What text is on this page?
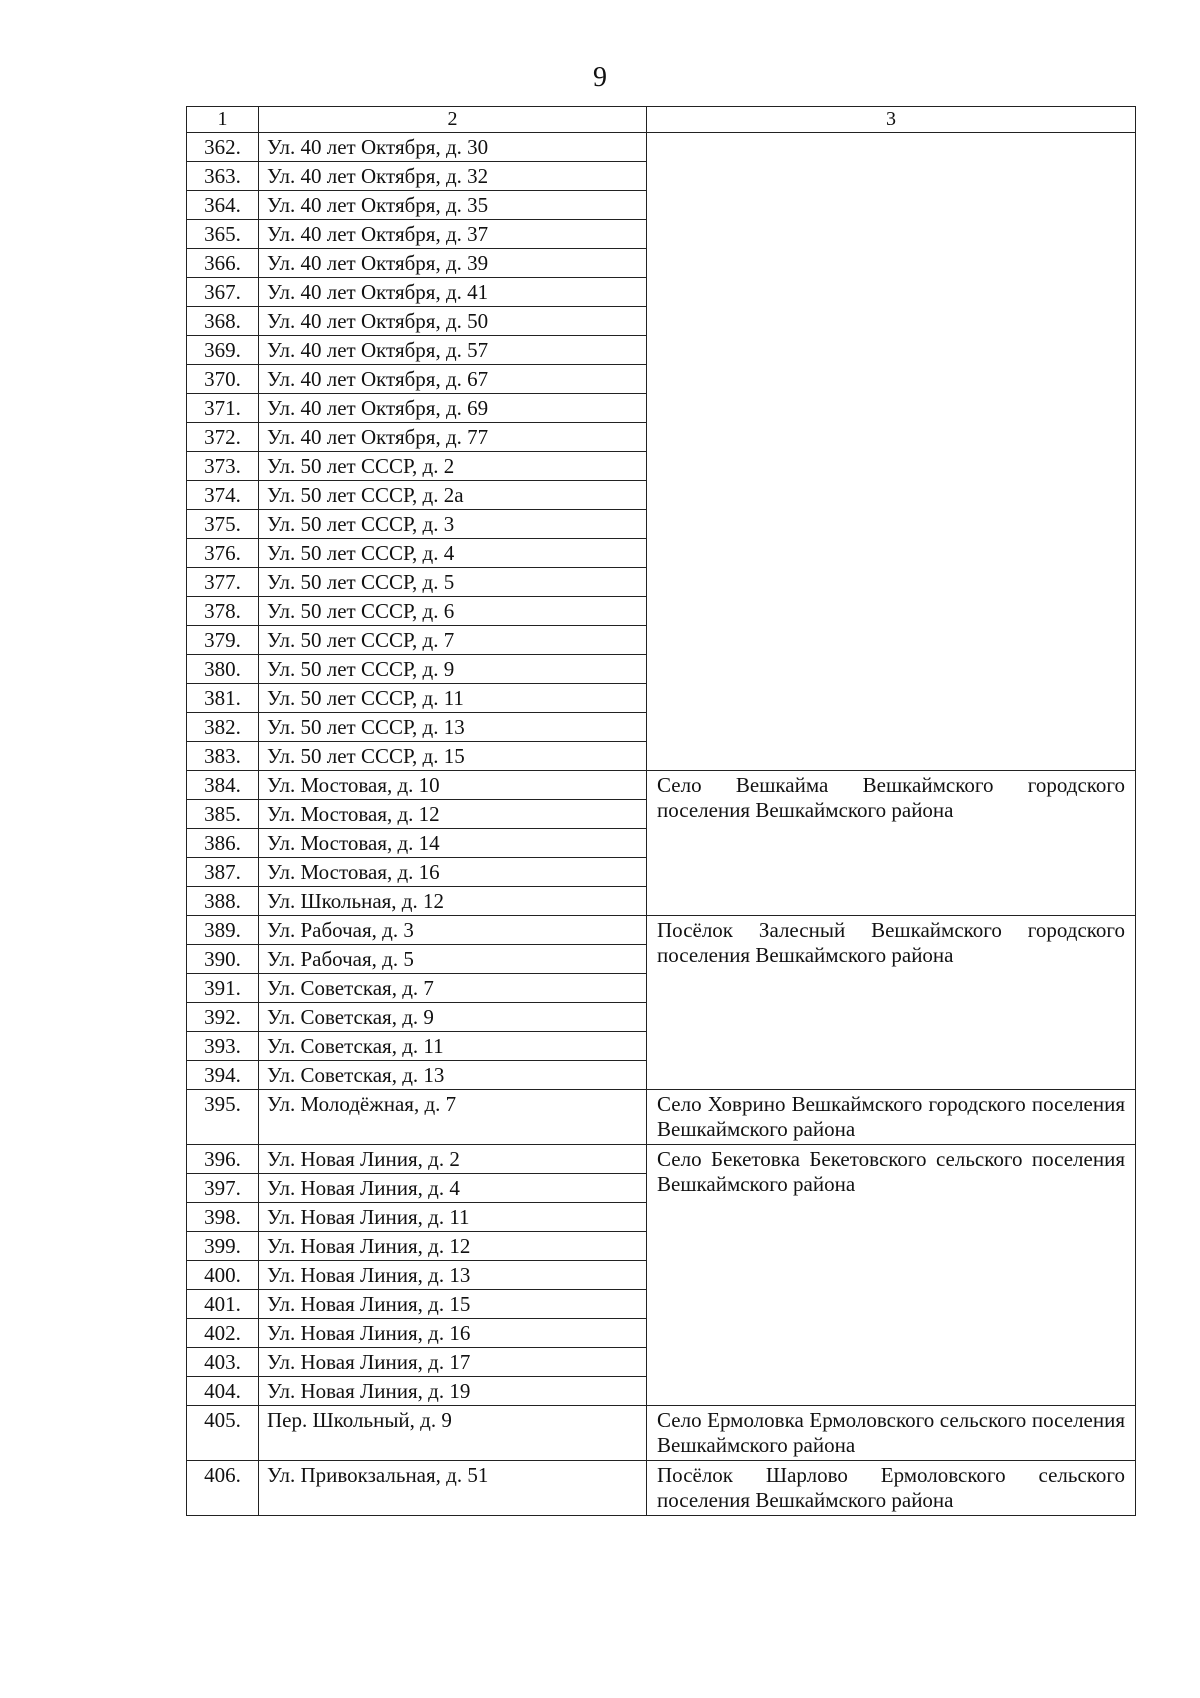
9
1	2	3
362.	Ул. 40 лет Октября, д. 30	
363.	Ул. 40 лет Октября, д. 32	
364.	Ул. 40 лет Октября, д. 35	
365.	Ул. 40 лет Октября, д. 37	
366.	Ул. 40 лет Октября, д. 39	
367.	Ул. 40 лет Октября, д. 41	
368.	Ул. 40 лет Октября, д. 50	
369.	Ул. 40 лет Октября, д. 57	
370.	Ул. 40 лет Октября, д. 67	
371.	Ул. 40 лет Октября, д. 69	
372.	Ул. 40 лет Октября, д. 77	
373.	Ул. 50 лет СССР, д. 2	
374.	Ул. 50 лет СССР, д. 2а	
375.	Ул. 50 лет СССР, д. 3	
376.	Ул. 50 лет СССР, д. 4	
377.	Ул. 50 лет СССР, д. 5	
378.	Ул. 50 лет СССР, д. 6	
379.	Ул. 50 лет СССР, д. 7	
380.	Ул. 50 лет СССР, д. 9	
381.	Ул. 50 лет СССР, д. 11	
382.	Ул. 50 лет СССР, д. 13	
383.	Ул. 50 лет СССР, д. 15	
384.	Ул. Мостовая, д. 10	Село Вешкайма Вешкаймского городского поселения Вешкаймского района
385.	Ул. Мостовая, д. 12	
386.	Ул. Мостовая, д. 14	
387.	Ул. Мостовая, д. 16	
388.	Ул. Школьная, д. 12	
389.	Ул. Рабочая, д. 3	Посёлок Залесный Вешкаймского городского поселения Вешкаймского района
390.	Ул. Рабочая, д. 5	
391.	Ул. Советская, д. 7	
392.	Ул. Советская, д. 9	
393.	Ул. Советская, д. 11	
394.	Ул. Советская, д. 13	
395.	Ул. Молодёжная, д. 7	Село Ховрино Вешкаймского городского поселения Вешкаймского района
396.	Ул. Новая Линия, д. 2	Село Бекетовка Бекетовского сельского поселения Вешкаймского района
397.	Ул. Новая Линия, д. 4	
398.	Ул. Новая Линия, д. 11	
399.	Ул. Новая Линия, д. 12	
400.	Ул. Новая Линия, д. 13	
401.	Ул. Новая Линия, д. 15	
402.	Ул. Новая Линия, д. 16	
403.	Ул. Новая Линия, д. 17	
404.	Ул. Новая Линия, д. 19	
405.	Пер. Школьный, д. 9	Село Ермоловка Ермоловского сельского поселения Вешкаймского района
406.	Ул. Привокзальная, д. 51	Посёлок Шарлово Ермоловского сельского поселения Вешкаймского района
